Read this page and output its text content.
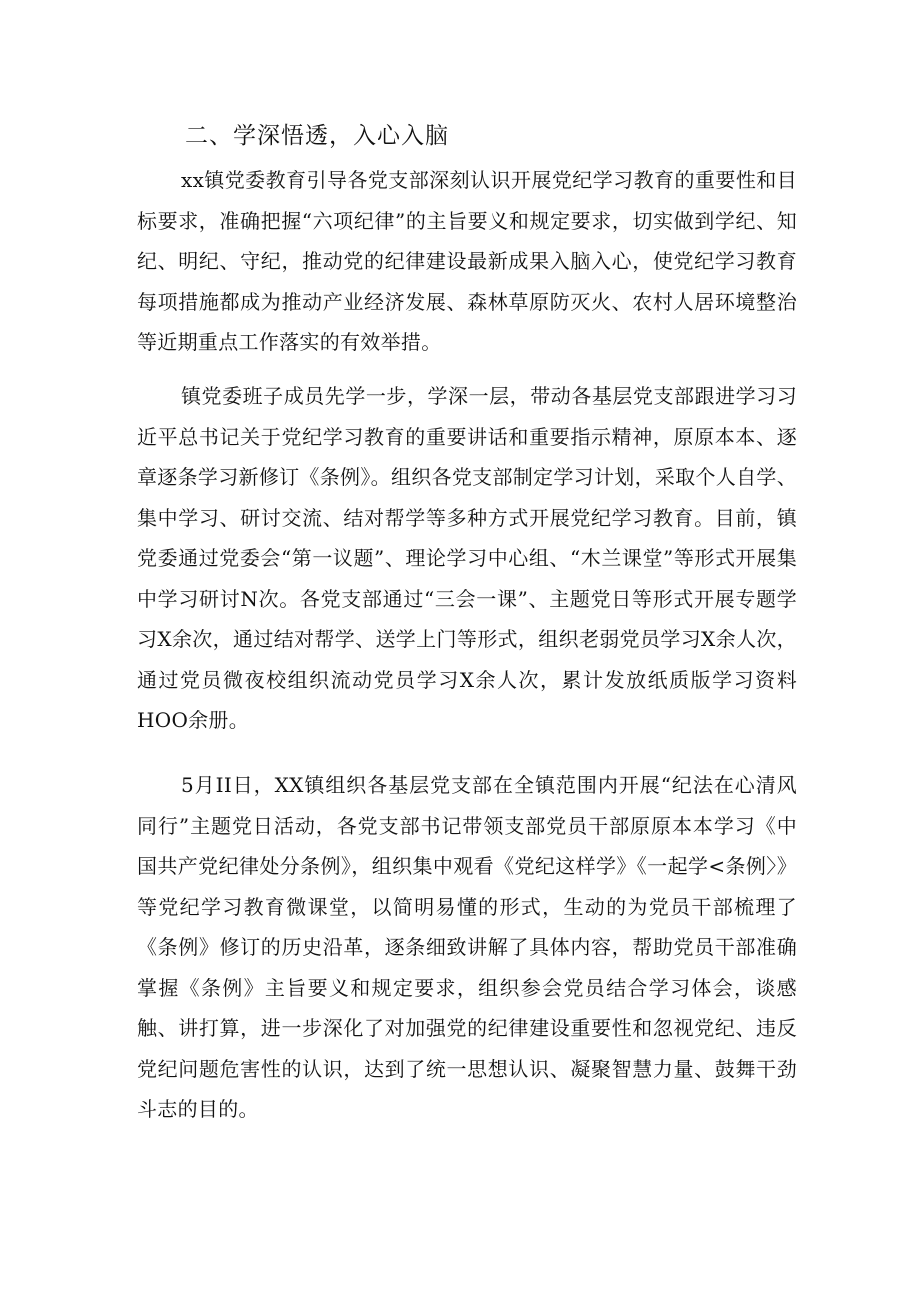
二、学深悟透，入心入脑

xx镇党委教育引导各党支部深刻认识开展党纪学习教育的重要性和目标要求，准确把握“六项纪律”的主旨要义和规定要求，切实做到学纪、知纪、明纪、守纪，推动党的纪律建设最新成果入脑入心，使党纪学习教育每项措施都成为推动产业经济发展、森林草原防灭火、农村人居环境整治等近期重点工作落实的有效举措。

镇党委班子成员先学一步，学深一层，带动各基层党支部跟进学习习近平总书记关于党纪学习教育的重要讲话和重要指示精神，原原本本、逐章逐条学习新修订《条例》。组织各党支部制定学习计划，采取个人自学、集中学习、研讨交流、结对帮学等多种方式开展党纪学习教育。目前，镇党委通过党委会“第一议题”、理论学习中心组、“木兰课堂”等形式开展集中学习研讨N次。各党支部通过“三会一课”、主题党日等形式开展专题学习X余次，通过结对帮学、送学上门等形式，组织老弱党员学习X余人次，通过党员微夜校组织流动党员学习X余人次，累计发放纸质版学习资料HOO余册。

5月II日，XX镇组织各基层党支部在全镇范围内开展“纪法在心清风同行”主题党日活动，各党支部书记带领支部党员干部原原本本学习《中国共产党纪律处分条例》，组织集中观看《党纪这样学》《一起学<条例〉》等党纪学习教育微课堂，以简明易懂的形式，生动的为党员干部梳理了《条例》修订的历史沿革，逐条细致讲解了具体内容，帮助党员干部准确掌握《条例》主旨要义和规定要求，组织参会党员结合学习体会，谈感触、讲打算，进一步深化了对加强党的纪律建设重要性和忽视党纪、违反党纪问题危害性的认识，达到了统一思想认识、凝聚智慧力量、鼓舞干劲斗志的目的。
